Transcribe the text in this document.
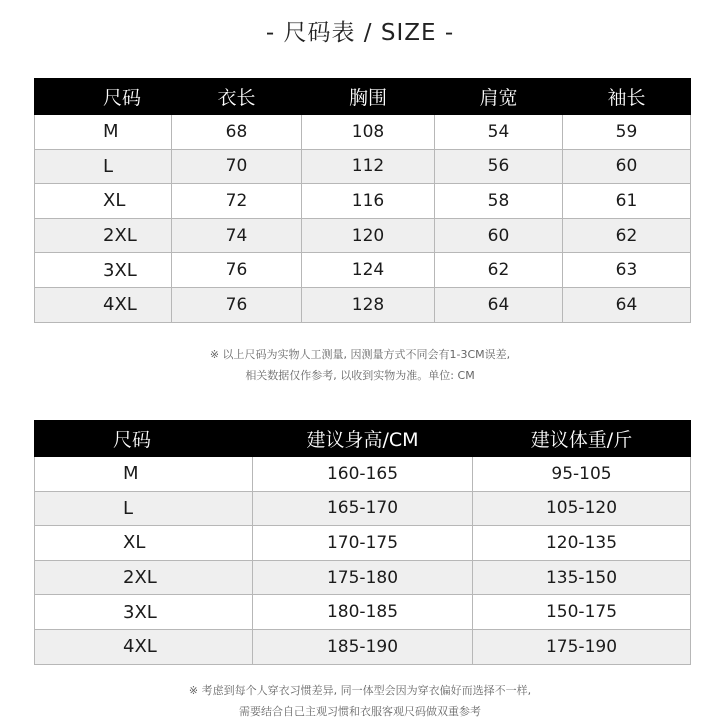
- 尺码表 / SIZE -
尺码	衣长	胸围	肩宽	袖长
M	68	108	54	59
L	70	112	56	60
XL	72	116	58	61
2XL	74	120	60	62
3XL	76	124	62	63
4XL	76	128	64	64
※ 以上尺码为实物人工测量, 因测量方式不同会有1-3CM误差,
相关数据仅作参考, 以收到实物为准。单位: CM
尺码	建议身高/CM	建议体重/斤
M	160-165	95-105
L	165-170	105-120
XL	170-175	120-135
2XL	175-180	135-150
3XL	180-185	150-175
4XL	185-190	175-190
※ 考虑到每个人穿衣习惯差异, 同一体型会因为穿衣偏好而选择不一样,
需要结合自己主观习惯和衣服客观尺码做双重参考
